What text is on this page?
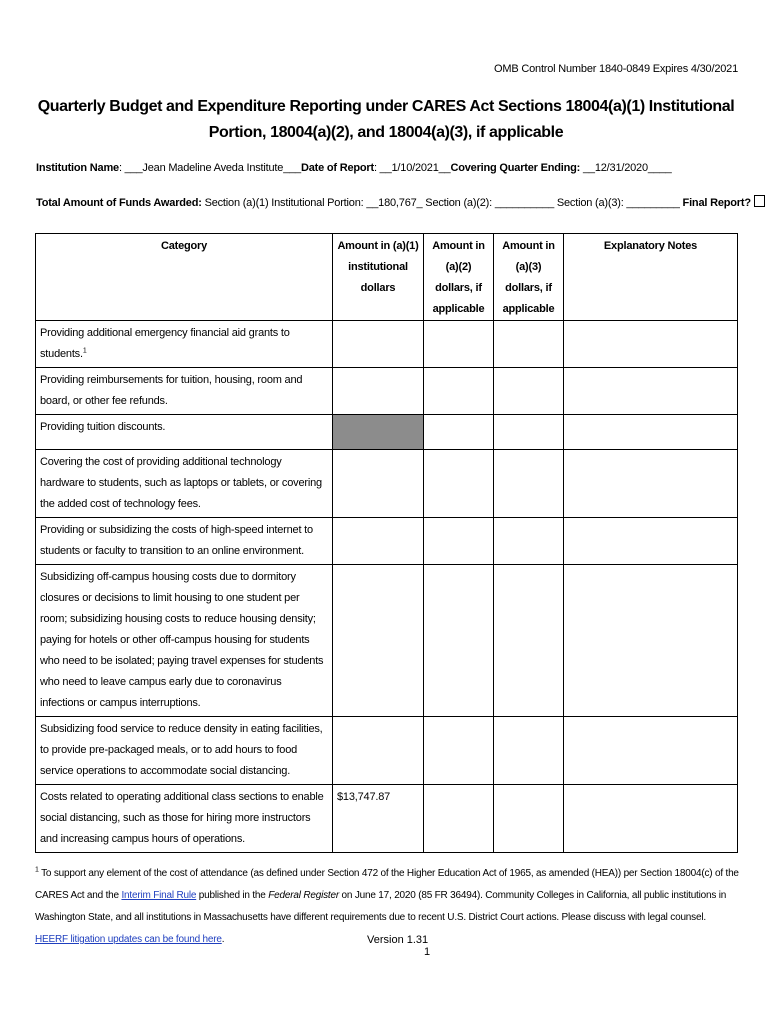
OMB Control Number 1840-0849 Expires 4/30/2021
Quarterly Budget and Expenditure Reporting under CARES Act Sections 18004(a)(1) Institutional Portion, 18004(a)(2), and 18004(a)(3), if applicable
Institution Name: ___Jean Madeline Aveda Institute___Date of Report: __1/10/2021__Covering Quarter Ending: __12/31/2020____
Total Amount of Funds Awarded: Section (a)(1) Institutional Portion: __180,767_ Section (a)(2): __________ Section (a)(3): _________ Final Report?
Category	Amount in (a)(1) institutional dollars	Amount in (a)(2) dollars, if applicable	Amount in (a)(3) dollars, if applicable	Explanatory Notes
Providing additional emergency financial aid grants to students.$^1$				
Providing reimbursements for tuition, housing, room and board, or other fee refunds.				
Providing tuition discounts.				
Covering the cost of providing additional technology hardware to students, such as laptops or tablets, or covering the added cost of technology fees.				
Providing or subsidizing the costs of high-speed internet to students or faculty to transition to an online environment.				
Subsidizing off-campus housing costs due to dormitory closures or decisions to limit housing to one student per room; subsidizing housing costs to reduce housing density; paying for hotels or other off-campus housing for students who need to be isolated; paying travel expenses for students who need to leave campus early due to coronavirus infections or campus interruptions.				
Subsidizing food service to reduce density in eating facilities, to provide pre-packaged meals, or to add hours to food service operations to accommodate social distancing.				
Costs related to operating additional class sections to enable social distancing, such as those for hiring more instructors and increasing campus hours of operations.	$13,747.87			
$^1$ To support any element of the cost of attendance (as defined under Section 472 of the Higher Education Act of 1965, as amended (HEA)) per Section 18004(c) of the CARES Act and the Interim Final Rule published in the Federal Register on June 17, 2020 (85 FR 36494). Community Colleges in California, all public institutions in Washington State, and all institutions in Massachusetts have different requirements due to recent U.S. District Court actions. Please discuss with legal counsel. HEERF litigation updates can be found here.	Version 1.31
1
